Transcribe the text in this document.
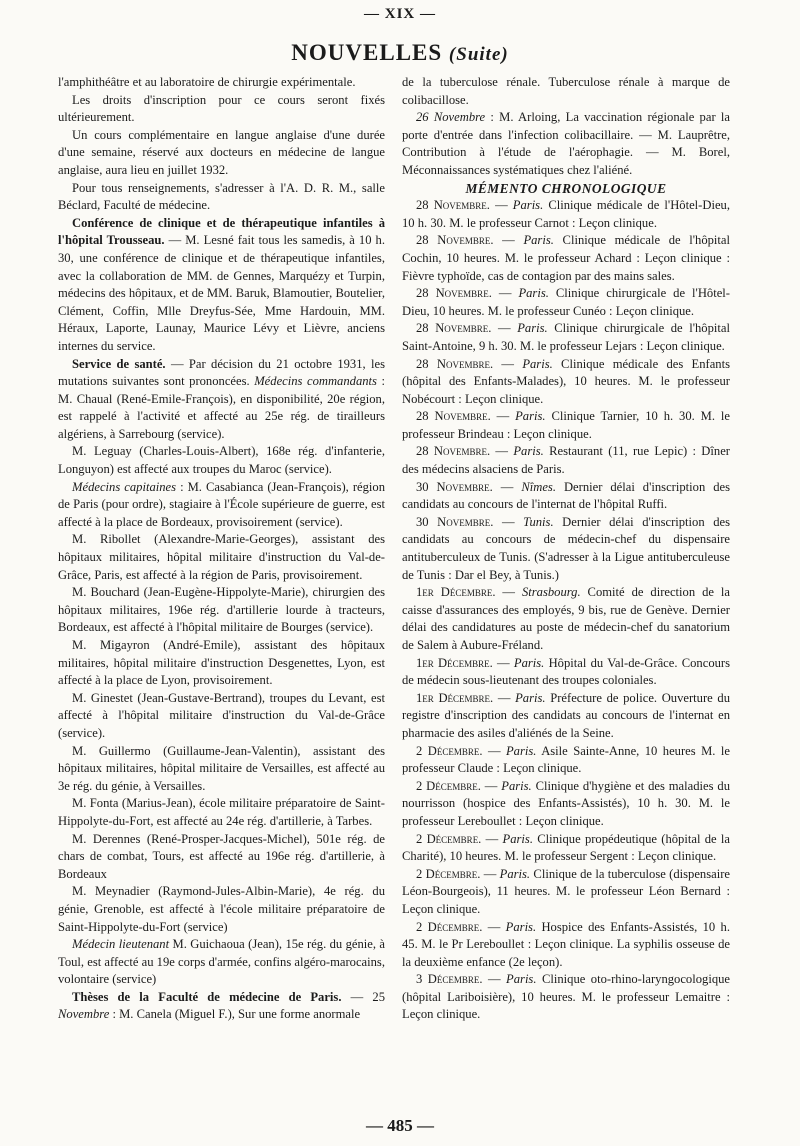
— XIX —
NOUVELLES (Suite)

l'amphithéâtre et au laboratoire de chirurgie expérimentale.

Les droits d'inscription pour ce cours seront fixés ultérieurement.

Un cours complémentaire en langue anglaise d'une durée d'une semaine, réservé aux docteurs en médecine de langue anglaise, aura lieu en juillet 1932.

Pour tous renseignements, s'adresser à l'A. D. R. M., salle Béclard, Faculté de médecine.

Conférence de clinique et de thérapeutique infantiles à l'hôpital Trousseau. — M. Lesné fait tous les samedis, à 10 h. 30, une conférence de clinique et de thérapeutique infantiles, avec la collaboration de MM. de Gennes, Marquézy et Turpin, médecins des hôpitaux, et de MM. Baruk, Blamoutier, Boutelier, Clément, Coffin, Mlle Dreyfus-Sée, Mme Hardouin, MM. Héraux, Laporte, Launay, Maurice Lévy et Lièvre, anciens internes du service.

Service de santé. — Par décision du 21 octobre 1931, les mutations suivantes sont prononcées. Médecins commandants : M. Chaual (René-Emile-François), en disponibilité, 20e région, est rappelé à l'activité et affecté au 25e rég. de tirailleurs algériens, à Sarrebourg (service).

M. Leguay (Charles-Louis-Albert), 168e rég. d'infanterie, Longuyon) est affecté aux troupes du Maroc (service).

Médecins capitaines : M. Casabianca (Jean-François), région de Paris (pour ordre), stagiaire à l'École supérieure de guerre, est affecté à la place de Bordeaux, provisoirement (service).

M. Ribollet (Alexandre-Marie-Georges), assistant des hôpitaux militaires, hôpital militaire d'instruction du Val-de-Grâce, Paris, est affecté à la région de Paris, provisoirement.

M. Bouchard (Jean-Eugène-Hippolyte-Marie), chirurgien des hôpitaux militaires, 196e rég. d'artillerie lourde à tracteurs, Bordeaux, est affecté à l'hôpital militaire de Bourges (service).

M. Migayron (André-Emile), assistant des hôpitaux militaires, hôpital militaire d'instruction Desgenettes, Lyon, est affecté à la place de Lyon, provisoirement.

M. Ginestet (Jean-Gustave-Bertrand), troupes du Levant, est affecté à l'hôpital militaire d'instruction du Val-de-Grâce (service).

M. Guillermo (Guillaume-Jean-Valentin), assistant des hôpitaux militaires, hôpital militaire de Versailles, est affecté au 3e rég. du génie, à Versailles.

M. Fonta (Marius-Jean), école militaire préparatoire de Saint-Hippolyte-du-Fort, est affecté au 24e rég. d'artillerie, à Tarbes.

M. Derennes (René-Prosper-Jacques-Michel), 501e rég. de chars de combat, Tours, est affecté au 196e rég. d'artillerie, à Bordeaux

M. Meynadier (Raymond-Jules-Albin-Marie), 4e rég. du génie, Grenoble, est affecté à l'école militaire préparatoire de Saint-Hippolyte-du-Fort (service)

Médecin lieutenant M. Guichaoua (Jean), 15e rég. du génie, à Toul, est affecté au 19e corps d'armée, confins algéro-marocains, volontaire (service)

Thèses de la Faculté de médecine de Paris. — 25 Novembre : M. Canela (Miguel F.), Sur une forme anormale

de la tuberculose rénale. Tuberculose rénale à marque de colibacillose.

26 Novembre : M. Arloing, La vaccination régionale par la porte d'entrée dans l'infection colibacillaire. — M. Lauprêtre, Contribution à l'étude de l'aérophagie. — M. Borel, Méconnaissances systématiques chez l'aliéné.

MÉMENTO CHRONOLOGIQUE

28 Novembre. — Paris. Clinique médicale de l'Hôtel-Dieu, 10 h. 30. M. le professeur Carnot : Leçon clinique.

28 Novembre. — Paris. Clinique médicale de l'hôpital Cochin, 10 heures. M. le professeur Achard : Leçon clinique : Fièvre typhoïde, cas de contagion par des mains sales.

28 Novembre. — Paris. Clinique chirurgicale de l'Hôtel-Dieu, 10 heures. M. le professeur Cunéo : Leçon clinique.

28 Novembre. — Paris. Clinique chirurgicale de l'hôpital Saint-Antoine, 9 h. 30. M. le professeur Lejars : Leçon clinique.

28 Novembre. — Paris. Clinique médicale des Enfants (hôpital des Enfants-Malades), 10 heures. M. le professeur Nobécourt : Leçon clinique.

28 Novembre. — Paris. Clinique Tarnier, 10 h. 30. M. le professeur Brindeau : Leçon clinique.

28 Novembre. — Paris. Restaurant (11, rue Lepic) : Dîner des médecins alsaciens de Paris.

30 Novembre. — Nîmes. Dernier délai d'inscription des candidats au concours de l'internat de l'hôpital Ruffi.

30 Novembre. — Tunis. Dernier délai d'inscription des candidats au concours de médecin-chef du dispensaire antituberculeux de Tunis. (S'adresser à la Ligue antituberculeuse de Tunis : Dar el Bey, à Tunis.)

1er Décembre. — Strasbourg. Comité de direction de la caisse d'assurances des employés, 9 bis, rue de Genève. Dernier délai des candidatures au poste de médecin-chef du sanatorium de Salem à Aubure-Fréland.

1er Décembre. — Paris. Hôpital du Val-de-Grâce. Concours de médecin sous-lieutenant des troupes coloniales.

1er Décembre. — Paris. Préfecture de police. Ouverture du registre d'inscription des candidats au concours de l'internat en pharmacie des asiles d'aliénés de la Seine.

2 Décembre. — Paris. Asile Sainte-Anne, 10 heures M. le professeur Claude : Leçon clinique.

2 Décembre. — Paris. Clinique d'hygiène et des maladies du nourrisson (hospice des Enfants-Assistés), 10 h. 30. M. le professeur Lereboullet : Leçon clinique.

2 Décembre. — Paris. Clinique propédeutique (hôpital de la Charité), 10 heures. M. le professeur Sergent : Leçon clinique.

2 Décembre. — Paris. Clinique de la tuberculose (dispensaire Léon-Bourgeois), 11 heures. M. le professeur Léon Bernard : Leçon clinique.

2 Décembre. — Paris. Hospice des Enfants-Assistés, 10 h. 45. M. le Pr Lereboullet : Leçon clinique. La syphilis osseuse de la deuxième enfance (2e leçon).

3 Décembre. — Paris. Clinique oto-rhino-laryngocologique (hôpital Lariboisière), 10 heures. M. le professeur Lemaitre : Leçon clinique.

— 485 —
